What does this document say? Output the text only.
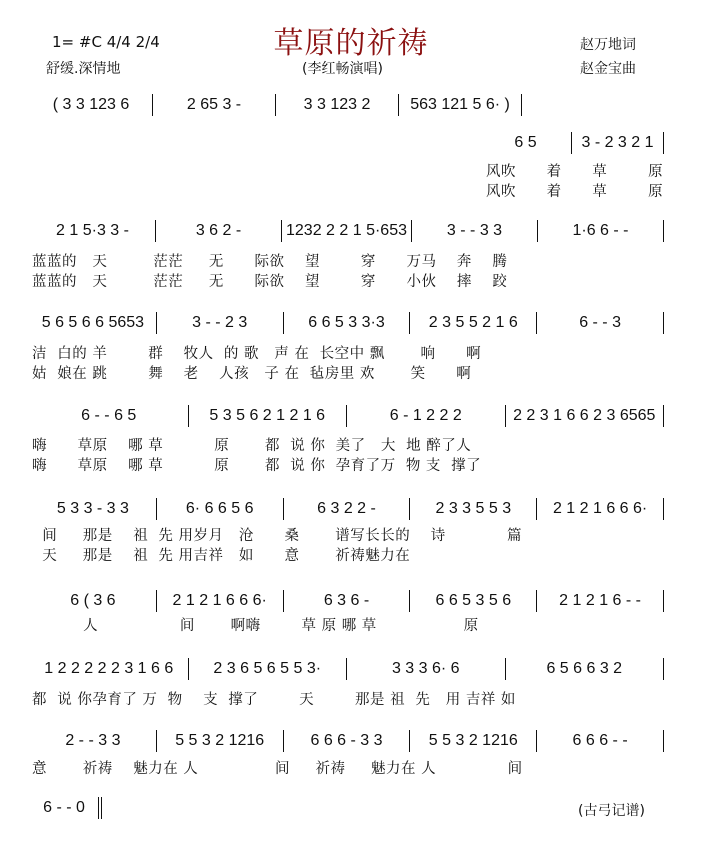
草原的祈祷
1= #C 4/4 2/4
舒缓.深情地	(李红畅演唱)
赵万地词
赵金宝曲
( 3 3 123 6	2 65 3 -	3 3 123 2	563 121 5 6· )
6 5	3 - 2 3 2 1
风吹      着      草        原
风吹      着      草        原
2 1 5·3 3 -	3 6 2 -	1232 2 2 1 5·653	3 - - 3 3	1·6 6 - -
蓝蓝的   天         茫茫     无      际欲    望        穿      万马    奔    腾
蓝蓝的   天         茫茫     无      际欲    望        穿      小伙    摔    跤
5 6 5 6 6 5653	3 - - 2 3	6 6 5 3 3·3	2 3 5 5 2 1 6	6 - - 3
洁  白的 羊        群    牧人  的 歌   声 在  长空中 飘       响      啊
姑  娘在 跳        舞    老    人孩   子 在  毡房里 欢       笑      啊
6 - - 6 5	5 3 5 6 2 1 2 1 6	6 - 1 2 2 2	2 2 3 1 6 6 2 3 6565
嗨      草原    哪 草          原       都  说 你  美了   大  地 醉了人
嗨      草原    哪 草          原       都  说 你  孕育了万  物 支  撑了
5 3 3 - 3 3	6· 6 6 5 6	6 3 2 2 -	2 3 3 5 5 3	2 1 2 1 6 6 6·
间     那是    祖  先 用岁月   沧      桑       谱写长长的    诗            篇
天     那是    祖  先 用吉祥   如      意       祈祷魅力在
6 ( 3 6	2 1 2 1 6 6 6·	6 3 6 -	6 6 5 3 5 6	2 1 2 1 6 - -
人                间       啊嗨        草 原 哪 草                 原
1 2 2 2 2 2 3 1 6 6	2 3 6 5 6 5 5 3·	3 3 3 6· 6	6 5 6 6 3 2
都  说 你孕育了 万  物    支  撑了        天        那是 祖  先   用 吉祥 如
2 - - 3 3	5 5 3 2 1216	6 6 6 - 3 3	5 5 3 2 1216	6 6 6 - -
意       祈祷    魅力在 人               间     祈祷     魅力在 人              间
6 - - 0	(古弓记谱)
